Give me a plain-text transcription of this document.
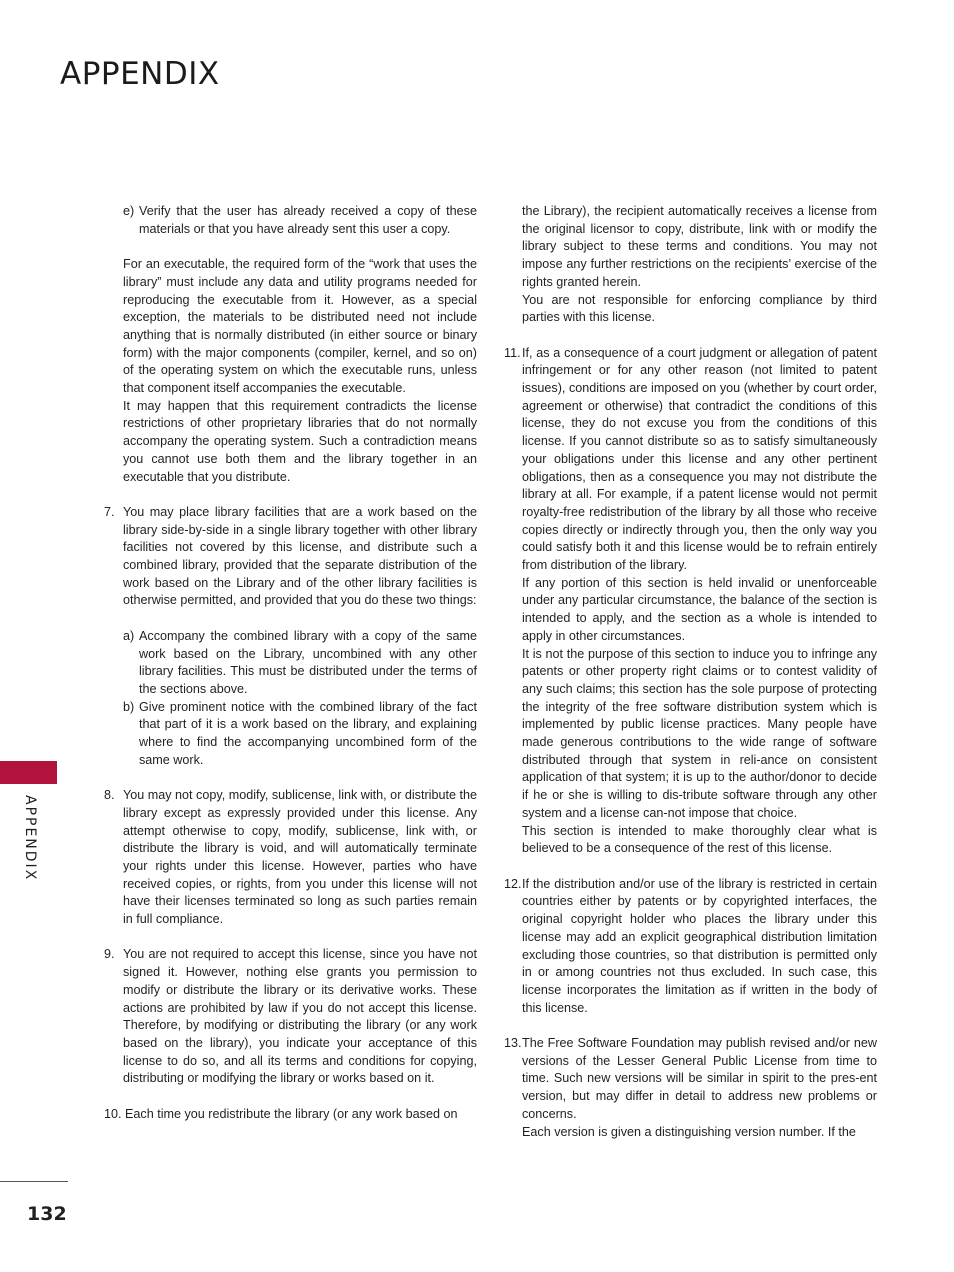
APPENDIX
e) Verify that the user has already received a copy of these materials or that you have already sent this user a copy.

For an executable, the required form of the “work that uses the library” must include any data and utility programs needed for reproducing the executable from it. However, as a special exception, the materials to be distributed need not include anything that is normally distributed (in either source or binary form) with the major components (compiler, kernel, and so on) of the operating system on which the executable runs, unless that component itself accompanies the executable.

It may happen that this requirement contradicts the license restrictions of other proprietary libraries that do not normally accompany the operating system. Such a contradiction means you cannot use both them and the library together in an executable that you distribute.

7. You may place library facilities that are a work based on the library side-by-side in a single library together with other library facilities not covered by this license, and distribute such a combined library, provided that the separate distribution of the work based on the Library and of the other library facilities is otherwise permitted, and provided that you do these two things:
a) Accompany the combined library with a copy of the same work based on the Library, uncombined with any other library facilities. This must be distributed under the terms of the sections above.
b) Give prominent notice with the combined library of the fact that part of it is a work based on the library, and explaining where to find the accompanying uncombined form of the same work.
8. You may not copy, modify, sublicense, link with, or distribute the library except as expressly provided under this license. Any attempt otherwise to copy, modify, sublicense, link with, or distribute the library is void, and will automatically terminate your rights under this license. However, parties who have received copies, or rights, from you under this license will not have their licenses terminated so long as such parties remain in full compliance.
9. You are not required to accept this license, since you have not signed it. However, nothing else grants you permission to modify or distribute the library or its derivative works. These actions are prohibited by law if you do not accept this license. Therefore, by modifying or distributing the library (or any work based on the library), you indicate your acceptance of this license to do so, and all its terms and conditions for copying, distributing or modifying the library or works based on it.

10. Each time you redistribute the library (or any work based on

the Library), the recipient automatically receives a license from the original licensor to copy, distribute, link with or modify the library subject to these terms and conditions. You may not impose any further restrictions on the recipients’ exercise of the rights granted herein.

You are not responsible for enforcing compliance by third parties with this license.

11. If, as a consequence of a court judgment or allegation of patent infringement or for any other reason (not limited to patent issues), conditions are imposed on you (whether by court order, agreement or otherwise) that contradict the conditions of this license, they do not excuse you from the conditions of this license. If you cannot distribute so as to satisfy simultaneously your obligations under this license and any other pertinent obligations, then as a consequence you may not distribute the library at all. For example, if a patent license would not permit royalty-free redistribution of the library by all those who receive copies directly or indirectly through you, then the only way you could satisfy both it and this license would be to refrain entirely from distribution of the library.

If any portion of this section is held invalid or unenforceable under any particular circumstance, the balance of the section is intended to apply, and the section as a whole is intended to apply in other circumstances.

It is not the purpose of this section to induce you to infringe any patents or other property right claims or to contest validity of any such claims; this section has the sole purpose of protecting the integrity of the free software distribution system which is implemented by public license practices. Many people have made generous contributions to the wide range of software distributed through that system in reli-ance on consistent application of that system; it is up to the author/donor to decide if he or she is willing to dis-tribute software through any other system and a license can-not impose that choice.

This section is intended to make thoroughly clear what is believed to be a consequence of the rest of this license.

12. If the distribution and/or use of the library is restricted in certain countries either by patents or by copyrighted interfaces, the original copyright holder who places the library under this license may add an explicit geographical distribution limitation excluding those countries, so that distribution is permitted only in or among countries not thus excluded. In such case, this license incorporates the limitation as if written in the body of this license.
13. The Free Software Foundation may publish revised and/or new versions of the Lesser General Public License from time to time. Such new versions will be similar in spirit to the pres-ent version, but may differ in detail to address new problems or concerns.

Each version is given a distinguishing version number. If the

APPENDIX
132
